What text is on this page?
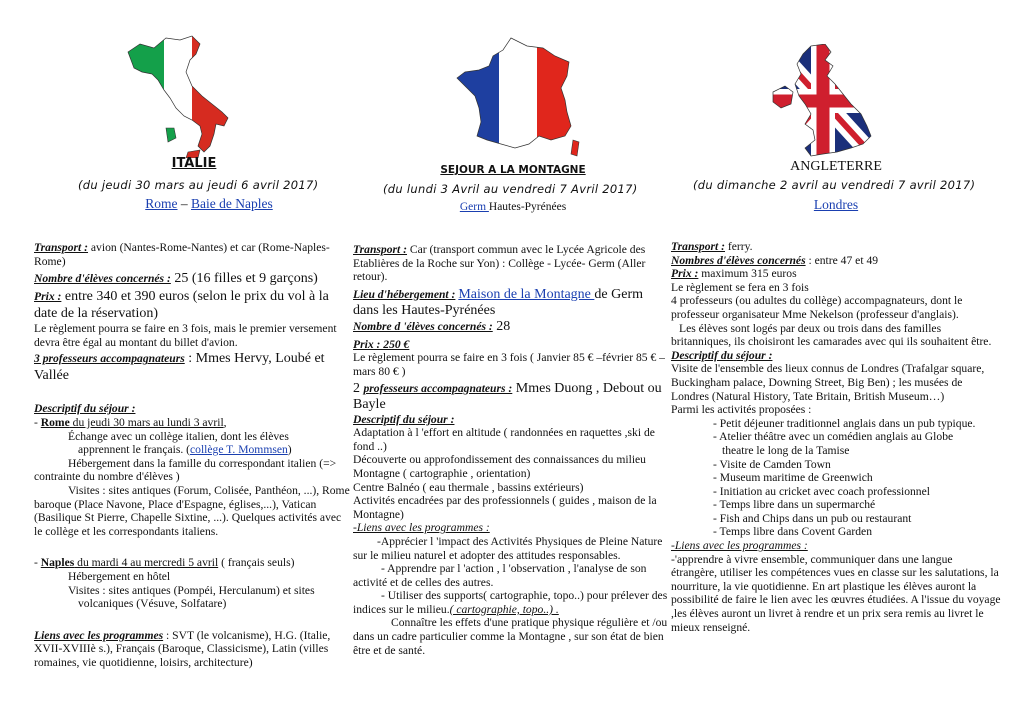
ITALIE
(du jeudi 30 mars au jeudi 6 avril 2017)
Rome – Baie de Naples

Transport : avion (Nantes-Rome-Nantes) et car (Rome-Naples-Rome)

Nombre d'élèves concernés : 25 (16 filles et 9 garçons)

Prix : entre 340 et 390 euros (selon le prix du vol à la date de la réservation)

Le règlement pourra se faire en 3 fois, mais le premier versement devra être égal au montant du billet d'avion.

3 professeurs accompagnateurs : Mmes Hervy, Loubé et Vallée

Descriptif du séjour :

- Rome du jeudi 30 mars au lundi 3 avril,

Échange avec un collège italien, dont les élèves

apprennent le français. (collège T. Mommsen)

Hébergement dans la famille du correspondant italien (=> contrainte du nombre d'élèves )

Visites : sites antiques (Forum, Colisée, Panthéon, ...), Rome baroque (Place Navone, Place d'Espagne, églises,...), Vatican (Basilique St Pierre, Chapelle Sixtine, ...). Quelques activités avec le collège et les correspondants italiens.

- Naples du mardi 4 au mercredi 5 avril ( français seuls)

Hébergement en hôtel

Visites : sites antiques (Pompéi, Herculanum) et sites

volcaniques (Vésuve, Solfatare)

Liens avec les programmes : SVT (le volcanisme), H.G. (Italie, XVII-XVIIIè s.), Français (Baroque, Classicisme), Latin (villes romaines, vie quotidienne, loisirs, architecture)

SEJOUR A LA MONTAGNE
(du lundi 3 Avril au vendredi 7 Avril 2017)
Germ Hautes-Pyrénées

Transport : Car (transport commun avec le Lycée Agricole des Etablières de la Roche sur Yon) : Collège - Lycée- Germ (Aller retour).

Lieu d'hébergement : Maison de la Montagne de Germ dans les Hautes-Pyrénées

Nombre d 'élèves concernés : 28

Prix : 250 €

Le règlement pourra se faire en 3 fois ( Janvier 85 € –février 85 € – mars 80 € )

2 professeurs accompagnateurs : Mmes Duong , Debout ou Bayle

Descriptif du séjour :

Adaptation à l 'effort en altitude ( randonnées en raquettes ,ski de fond ..)

Découverte ou approfondissement des connaissances du milieu Montagne ( cartographie , orientation)

Centre Balnéo ( eau thermale , bassins extérieurs)

Activités encadrées par des professionnels ( guides , maison de la Montagne)

-Liens avec les programmes :

-Apprécier l 'impact des Activités Physiques de Pleine Nature sur le milieu naturel et adopter des attitudes responsables.

- Apprendre par l 'action , l 'observation , l'analyse de son activité et de celles des autres.

- Utiliser des supports( cartographie, topo..) pour prélever des indices sur le milieu.( cartographie, topo..) .

Connaître les effets d'une pratique physique régulière et /ou dans un cadre particulier comme la Montagne , sur son état de bien être et de santé.

ANGLETERRE
(du dimanche 2 avril au vendredi 7 avril 2017)
Londres

Transport : ferry.

Nombres d'élèves concernés : entre 47 et 49

Prix : maximum 315 euros

Le règlement se fera en 3 fois

4 professeurs (ou adultes du collège) accompagnateurs, dont le professeur organisateur Mme Nekelson (professeur d'anglais).

Les élèves sont logés par deux ou trois dans des familles britanniques, ils choisiront les camarades avec qui ils souhaitent être.

Descriptif du séjour :

Visite de l'ensemble des lieux connus de Londres (Trafalgar square, Buckingham palace, Downing Street, Big Ben) ; les musées de Londres (Natural History, Tate Britain, British Museum…)

Parmi les activités proposées :

- Petit déjeuner traditionnel anglais dans un pub typique.

- Atelier théâtre avec un comédien anglais au Globe

theatre le long de la Tamise

- Visite de Camden Town

- Museum maritime de Greenwich

- Initiation au cricket avec coach professionnel

- Temps libre dans un supermarché

- Fish and Chips dans un pub ou restaurant

- Temps libre dans Covent Garden

-Liens avec les programmes :

-'apprendre à vivre ensemble, communiquer dans une langue étrangère, utiliser les compétences vues en classe sur les salutations, la nourriture, la vie quotidienne. En art plastique les élèves auront la possibilité de faire le lien avec les œuvres étudiées. A l'issue du voyage ,les élèves auront un livret à rendre et un prix sera remis au livret le mieux renseigné.
